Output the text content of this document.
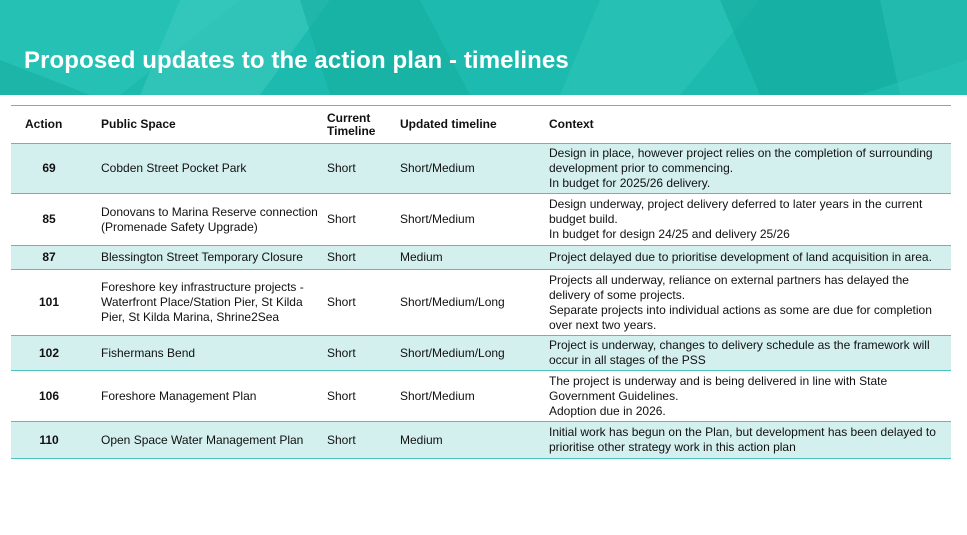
Proposed updates to the action plan - timelines
Action	Public Space	Current Timeline	Updated timeline	Context
69	Cobden Street Pocket Park	Short	Short/Medium	Design in place, however project relies on the completion of surrounding development prior to commencing.
In budget for 2025/26 delivery.

85	Donovans to Marina Reserve connection (Promenade Safety Upgrade)	Short	Short/Medium	Design underway, project delivery deferred to later years in the current budget build.
In budget for design 24/25 and delivery 25/26

87	Blessington Street Temporary Closure	Short	Medium	Project delayed due to prioritise development of land acquisition in area.

101	Foreshore key infrastructure projects - Waterfront Place/Station Pier, St Kilda Pier, St Kilda Marina, Shrine2Sea	Short	Short/Medium/Long	Projects all underway, reliance on external partners has delayed the delivery of some projects.
Separate projects into individual actions as some are due for completion over next two years.

102	Fishermans Bend	Short	Short/Medium/Long	Project is underway, changes to delivery schedule as the framework will occur in all stages of the PSS

106	Foreshore Management Plan	Short	Short/Medium	The project is underway and is being delivered in line with State Government Guidelines.
Adoption due in 2026.

110	Open Space Water Management Plan	Short	Medium	Initial work has begun on the Plan, but development has been delayed to prioritise other strategy work in this action plan
